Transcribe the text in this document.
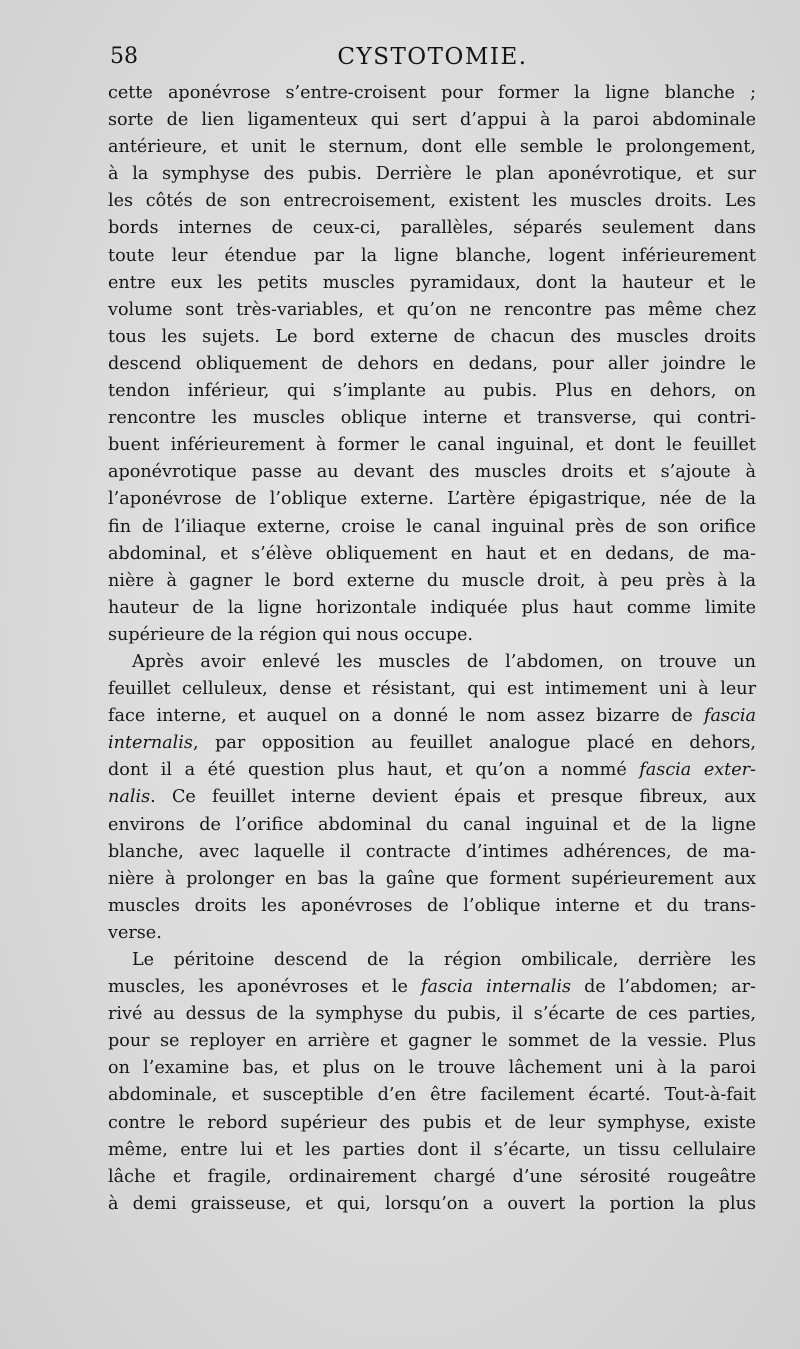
58	CYSTOTOMIE.

cette aponévrose s’entre-croisent pour former la ligne blanche ;
sorte de lien ligamenteux qui sert d’appui à la paroi abdominale
antérieure, et unit le sternum, dont elle semble le prolongement,
à la symphyse des pubis. Derrière le plan aponévrotique, et sur
les côtés de son entrecroisement, existent les muscles droits. Les
bords internes de ceux-ci, parallèles, séparés seulement dans
toute leur étendue par la ligne blanche, logent inférieurement
entre eux les petits muscles pyramidaux, dont la hauteur et le
volume sont très-variables, et qu’on ne rencontre pas même chez
tous les sujets. Le bord externe de chacun des muscles droits
descend obliquement de dehors en dedans, pour aller joindre le
tendon inférieur, qui s’implante au pubis. Plus en dehors, on
rencontre les muscles oblique interne et transverse, qui contri-
buent inférieurement à former le canal inguinal, et dont le feuillet
aponévrotique passe au devant des muscles droits et s’ajoute à
l’aponévrose de l’oblique externe. L’artère épigastrique, née de la
fin de l’iliaque externe, croise le canal inguinal près de son orifice
abdominal, et s’élève obliquement en haut et en dedans, de ma-
nière à gagner le bord externe du muscle droit, à peu près à la
hauteur de la ligne horizontale indiquée plus haut comme limite
supérieure de la région qui nous occupe.

Après avoir enlevé les muscles de l’abdomen, on trouve un
feuillet celluleux, dense et résistant, qui est intimement uni à leur
face interne, et auquel on a donné le nom assez bizarre de fascia
internalis, par opposition au feuillet analogue placé en dehors,
dont il a été question plus haut, et qu’on a nommé fascia exter-
nalis. Ce feuillet interne devient épais et presque fibreux, aux
environs de l’orifice abdominal du canal inguinal et de la ligne
blanche, avec laquelle il contracte d’intimes adhérences, de ma-
nière à prolonger en bas la gaîne que forment supérieurement aux
muscles droits les aponévroses de l’oblique interne et du trans-
verse.

Le péritoine descend de la région ombilicale, derrière les
muscles, les aponévroses et le fascia internalis de l’abdomen; ar-
rivé au dessus de la symphyse du pubis, il s’écarte de ces parties,
pour se reployer en arrière et gagner le sommet de la vessie. Plus
on l’examine bas, et plus on le trouve lâchement uni à la paroi
abdominale, et susceptible d’en être facilement écarté. Tout-à-fait
contre le rebord supérieur des pubis et de leur symphyse, existe
même, entre lui et les parties dont il s’écarte, un tissu cellulaire
lâche et fragile, ordinairement chargé d’une sérosité rougeâtre
à demi graisseuse, et qui, lorsqu’on a ouvert la portion la plus
